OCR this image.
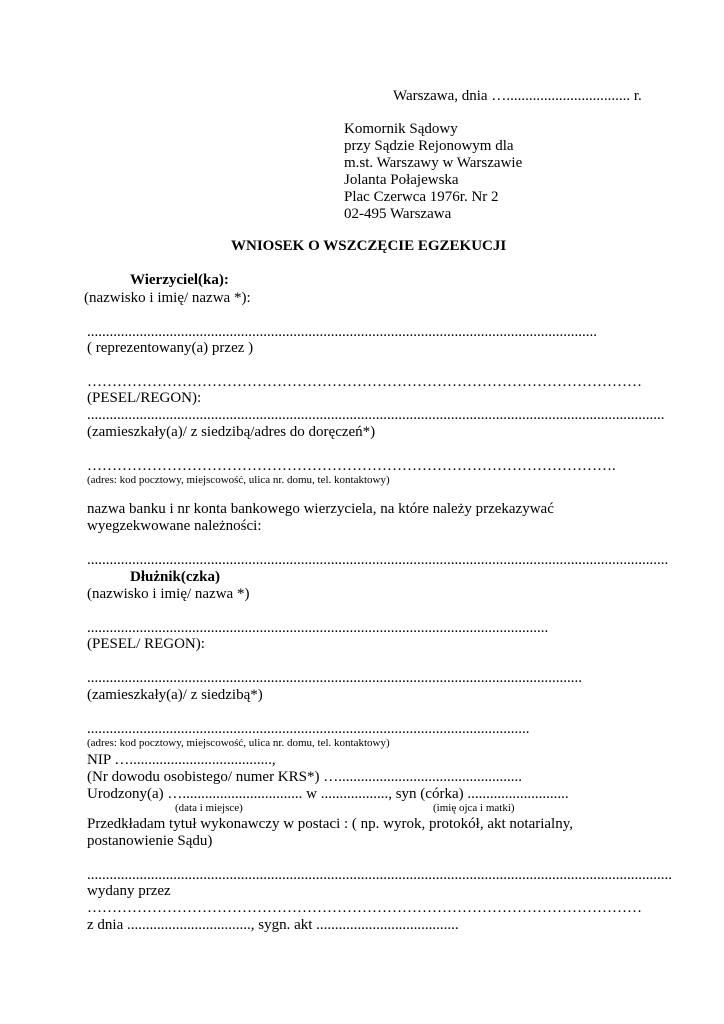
Warszawa, dnia …................................. r.
Komornik Sądowy
przy Sądzie Rejonowym dla
m.st. Warszawy w Warszawie
Jolanta Połajewska
Plac Czerwca 1976r. Nr 2
02-495 Warszawa
WNIOSEK O WSZCZĘCIE EGZEKUCJI
Wierzyciel(ka):
(nazwisko i imię/ nazwa *):
........................................................................................................................................
( reprezentowany(a) przez )
…………………………………………………………………………………………………
(PESEL/REGON):
..........................................................................................................................................................
(zamieszkały(a)/ z siedzibą/adres do doręczeń*)
…………………………………………………………………………………………….
(adres: kod pocztowy, miejscowość, ulica nr. domu, tel. kontaktowy)
nazwa banku i nr konta bankowego wierzyciela, na które należy przekazywać
wyegzekwowane należności:
...........................................................................................................................................................
Dłużnik(czka)
(nazwisko i imię/ nazwa *)
...........................................................................................................................
(PESEL/ REGON):
....................................................................................................................................
(zamieszkały(a)/ z siedzibą*)
......................................................................................................................
(adres: kod pocztowy, miejscowość, ulica nr. domu, tel. kontaktowy)
NIP …......................................,
(Nr dowodu osobistego/ numer KRS*) ….................................................
Urodzony(a) …................................ w .................., syn (córka) ...........................
(data i miejsce)	(imię ojca i matki)
Przedkładam tytuł wykonawczy w postaci : ( np. wyrok, protokół, akt notarialny,
postanowienie Sądu)
............................................................................................................................................................
wydany przez
…………………………………………………………………………………………………
z dnia ................................., sygn. akt ......................................
